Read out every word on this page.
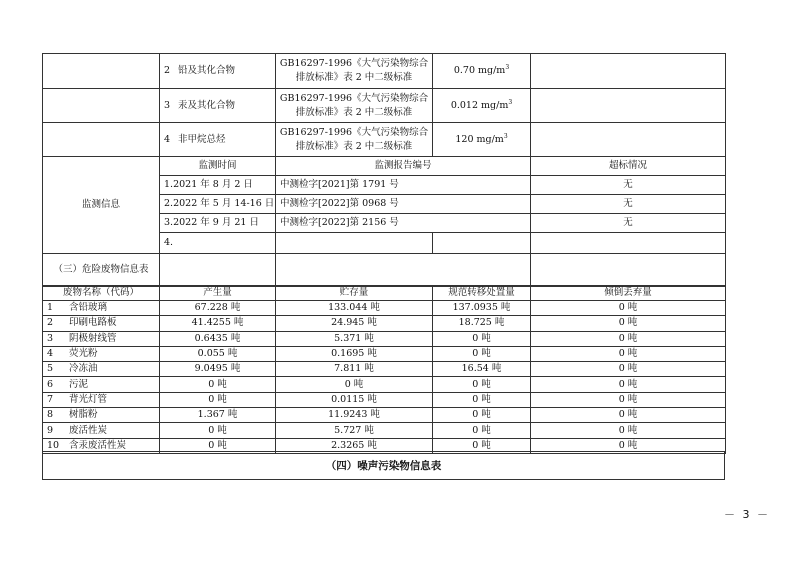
	2 铅及其化合物	GB16297-1996《大气污染物综合
排放标准》表 2 中二级标准	0.70 $mg/m^3$	
	3 汞及其化合物	GB16297-1996《大气污染物综合
排放标准》表 2 中二级标准	0.012 $mg/m^3$	
	4 非甲烷总烃	GB16297-1996《大气污染物综合
排放标准》表 2 中二级标准	120 $mg/m^3$	
监测信息	监测时间	监测报告编号		超标情况
	1.2021 年 8 月 2 日	中测检字[2021]第 1791 号		无
	2.2022 年 5 月 14-16 日	中测检字[2022]第 0968 号		无
	3.2022 年 9 月 21 日	中测检字[2022]第 2156 号		无
	4.			
（三）危险废物信息表				
废物名称（代码）	产生量	贮存量	规范转移处置量	倾倒丢弃量
1 含铅玻璃	67.228 吨	133.044 吨	137.0935 吨	0 吨
2 印刷电路板	41.4255 吨	24.945 吨	18.725 吨	0 吨
3 阴极射线管	0.6435 吨	5.371 吨	0 吨	0 吨
4 荧光粉	0.055 吨	0.1695 吨	0 吨	0 吨
5 冷冻油	9.0495 吨	7.811 吨	16.54 吨	0 吨
6 污泥	0 吨	0 吨	0 吨	0 吨
7 背光灯管	0 吨	0.0115 吨	0 吨	0 吨
8 树脂粉	1.367 吨	11.9243 吨	0 吨	0 吨
9 废活性炭	0 吨	5.727 吨	0 吨	0 吨
10 含汞废活性炭	0 吨	2.3265 吨	0 吨	0 吨
（四）噪声污染物信息表
－ 3 －
